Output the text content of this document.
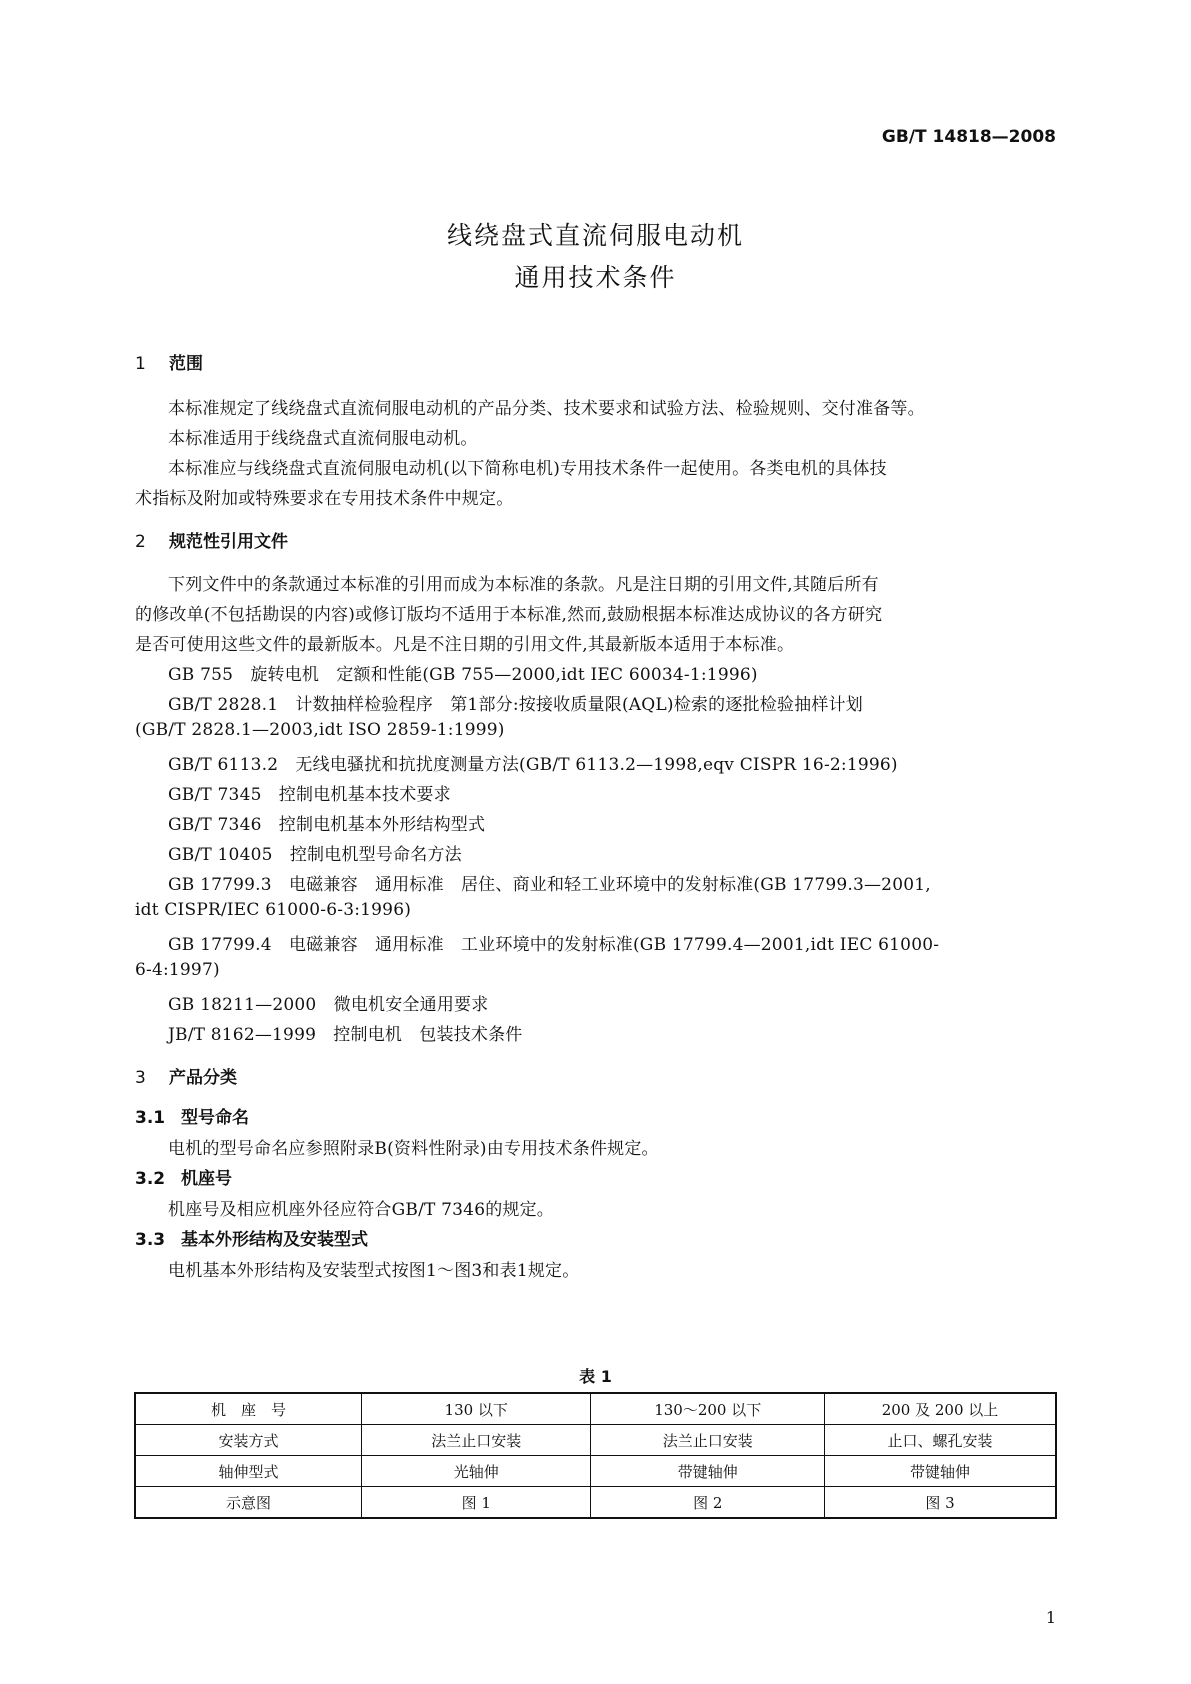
GB/T 14818—2008
线绕盘式直流伺服电动机
通用技术条件
1 范围
本标准规定了线绕盘式直流伺服电动机的产品分类、技术要求和试验方法、检验规则、交付准备等。
本标准适用于线绕盘式直流伺服电动机。
本标准应与线绕盘式直流伺服电动机(以下简称电机)专用技术条件一起使用。各类电机的具体技
术指标及附加或特殊要求在专用技术条件中规定。
2 规范性引用文件
下列文件中的条款通过本标准的引用而成为本标准的条款。凡是注日期的引用文件,其随后所有
的修改单(不包括勘误的内容)或修订版均不适用于本标准,然而,鼓励根据本标准达成协议的各方研究
是否可使用这些文件的最新版本。凡是不注日期的引用文件,其最新版本适用于本标准。
GB 755　旋转电机　定额和性能(GB 755—2000,idt IEC 60034-1:1996)
GB/T 2828.1　计数抽样检验程序　第1部分:按接收质量限(AQL)检索的逐批检验抽样计划
(GB/T 2828.1—2003,idt ISO 2859-1:1999)
GB/T 6113.2　无线电骚扰和抗扰度测量方法(GB/T 6113.2—1998,eqv CISPR 16-2:1996)
GB/T 7345　控制电机基本技术要求
GB/T 7346　控制电机基本外形结构型式
GB/T 10405　控制电机型号命名方法
GB 17799.3　电磁兼容　通用标准　居住、商业和轻工业环境中的发射标准(GB 17799.3—2001,
idt CISPR/IEC 61000-6-3:1996)
GB 17799.4　电磁兼容　通用标准　工业环境中的发射标准(GB 17799.4—2001,idt IEC 61000-
6-4:1997)
GB 18211—2000　微电机安全通用要求
JB/T 8162—1999　控制电机　包装技术条件
3 产品分类
3.1 型号命名
电机的型号命名应参照附录B(资料性附录)由专用技术条件规定。
3.2 机座号
机座号及相应机座外径应符合GB/T 7346的规定。
3.3 基本外形结构及安装型式
电机基本外形结构及安装型式按图1～图3和表1规定。
表 1
机　座　号	130 以下	130～200 以下	200 及 200 以上
安装方式	法兰止口安装	法兰止口安装	止口、螺孔安装
轴伸型式	光轴伸	带键轴伸	带键轴伸
示意图	图 1	图 2	图 3
1
